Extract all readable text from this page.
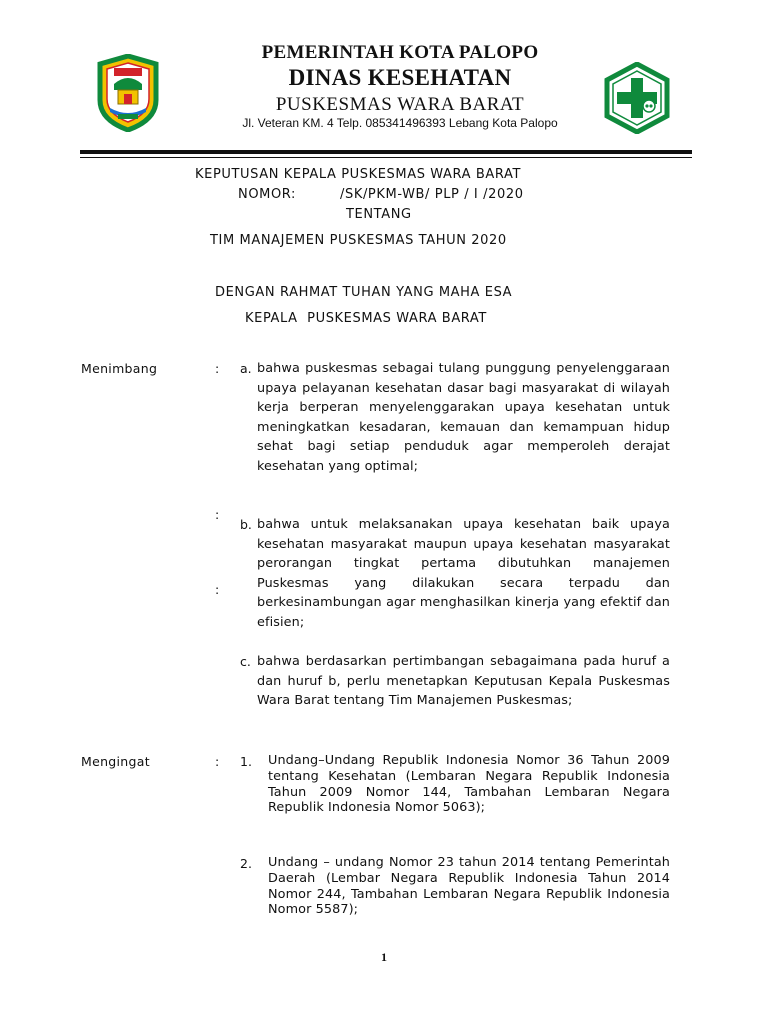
PEMERINTAH KOTA PALOPO
DINAS KESEHATAN
PUSKESMAS WARA BARAT
Jl. Veteran KM. 4 Telp. 085341496393 Lebang Kota Palopo
KEPUTUSAN KEPALA PUSKESMAS WARA BARAT
NOMOR:	/SK/PKM-WB/ PLP / I /2020
TENTANG
TIM MANAJEMEN PUSKESMAS TAHUN 2020
DENGAN RAHMAT TUHAN YANG MAHA ESA
KEPALA  PUSKESMAS WARA BARAT
Menimbang	: a. bahwa puskesmas sebagai tulang punggung penyelenggaraan upaya pelayanan kesehatan dasar bagi masyarakat di wilayah kerja berperan menyelenggarakan upaya kesehatan untuk meningkatkan kesadaran, kemauan dan kemampuan hidup sehat bagi setiap penduduk agar memperoleh derajat kesehatan yang optimal;
:
b. bahwa untuk melaksanakan upaya kesehatan baik upaya kesehatan masyarakat maupun upaya kesehatan masyarakat perorangan tingkat pertama dibutuhkan manajemen Puskesmas yang dilakukan secara terpadu dan berkesinambungan agar menghasilkan kinerja yang efektif dan efisien;
:
c. bahwa berdasarkan pertimbangan sebagaimana pada huruf a dan huruf b, perlu menetapkan Keputusan Kepala Puskesmas Wara Barat tentang Tim Manajemen Puskesmas;
Mengingat	: 1. Undang–Undang Republik Indonesia Nomor 36 Tahun 2009 tentang Kesehatan (Lembaran Negara Republik Indonesia Tahun 2009 Nomor 144, Tambahan Lembaran Negara Republik Indonesia Nomor 5063);
2. Undang – undang Nomor 23 tahun 2014 tentang Pemerintah Daerah (Lembar Negara Republik Indonesia Tahun 2014 Nomor 244, Tambahan Lembaran Negara Republik Indonesia Nomor 5587);
1
